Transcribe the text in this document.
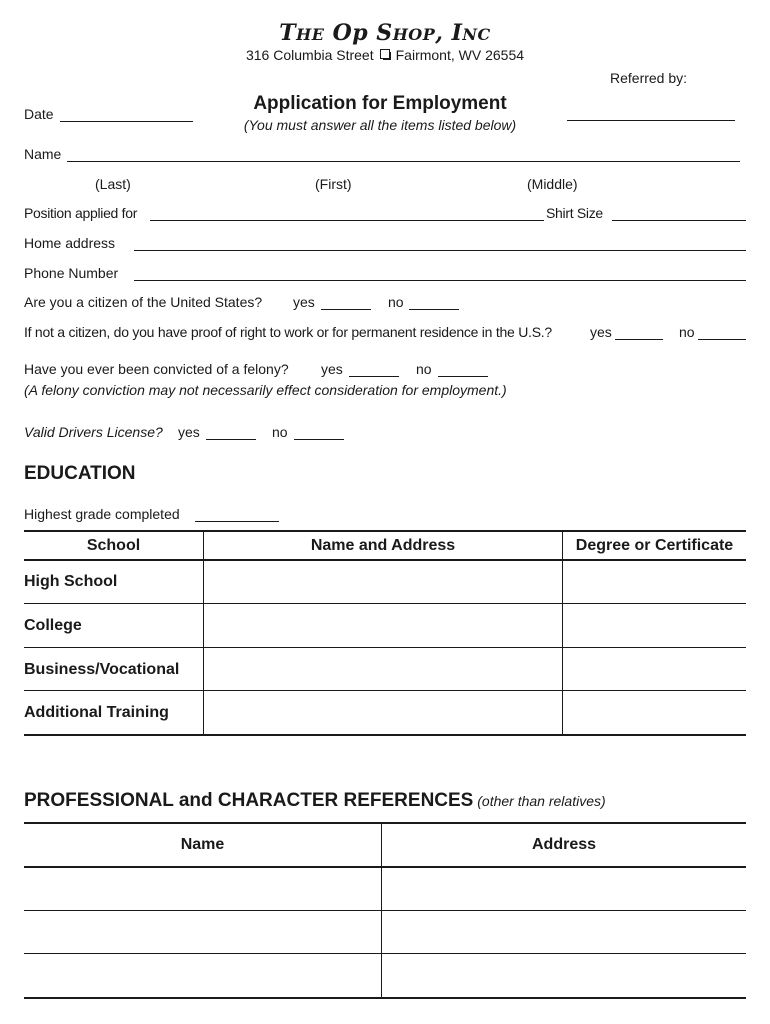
THE Op SHOP, INC
316 Columbia Street Fairmont, WV 26554
Referred by:
Application for Employment
(You must answer all the items listed below)
Date
Name
(Last)	(First)	(Middle)
Position applied for	Shirt Size
Home address
Phone Number
Are you a citizen of the United States? yes	no
If not a citizen, do you have proof of right to work or for permanent residence in the U.S.?	yes	no
Have you ever been convicted of a felony? yes	no
(A felony conviction may not necessarily effect consideration for employment.)
Valid Drivers License? yes	no
EDUCATION
Highest grade completed
School	Name and Address	Degree or Certificate
High School
College
Business/Vocational
Additional Training
PROFESSIONAL and CHARACTER REFERENCES (other than relatives)
Name	Address
